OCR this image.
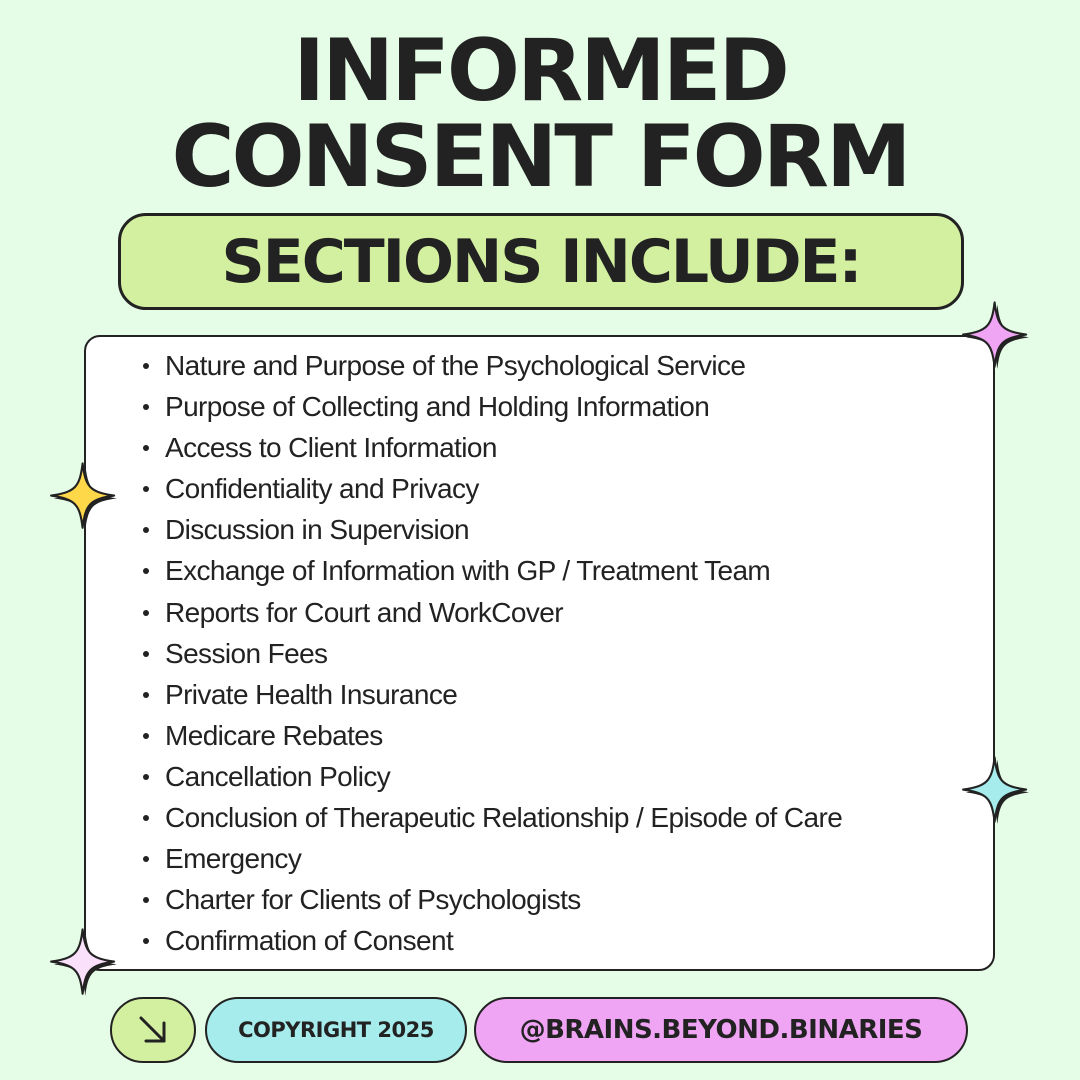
INFORMED
CONSENT FORM
SECTIONS INCLUDE:
Nature and Purpose of the Psychological Service
Purpose of Collecting and Holding Information
Access to Client Information
Confidentiality and Privacy
Discussion in Supervision
Exchange of Information with GP / Treatment Team
Reports for Court and WorkCover
Session Fees
Private Health Insurance
Medicare Rebates
Cancellation Policy
Conclusion of Therapeutic Relationship / Episode of Care
Emergency
Charter for Clients of Psychologists
Confirmation of Consent
COPYRIGHT 2025	@BRAINS.BEYOND.BINARIES
